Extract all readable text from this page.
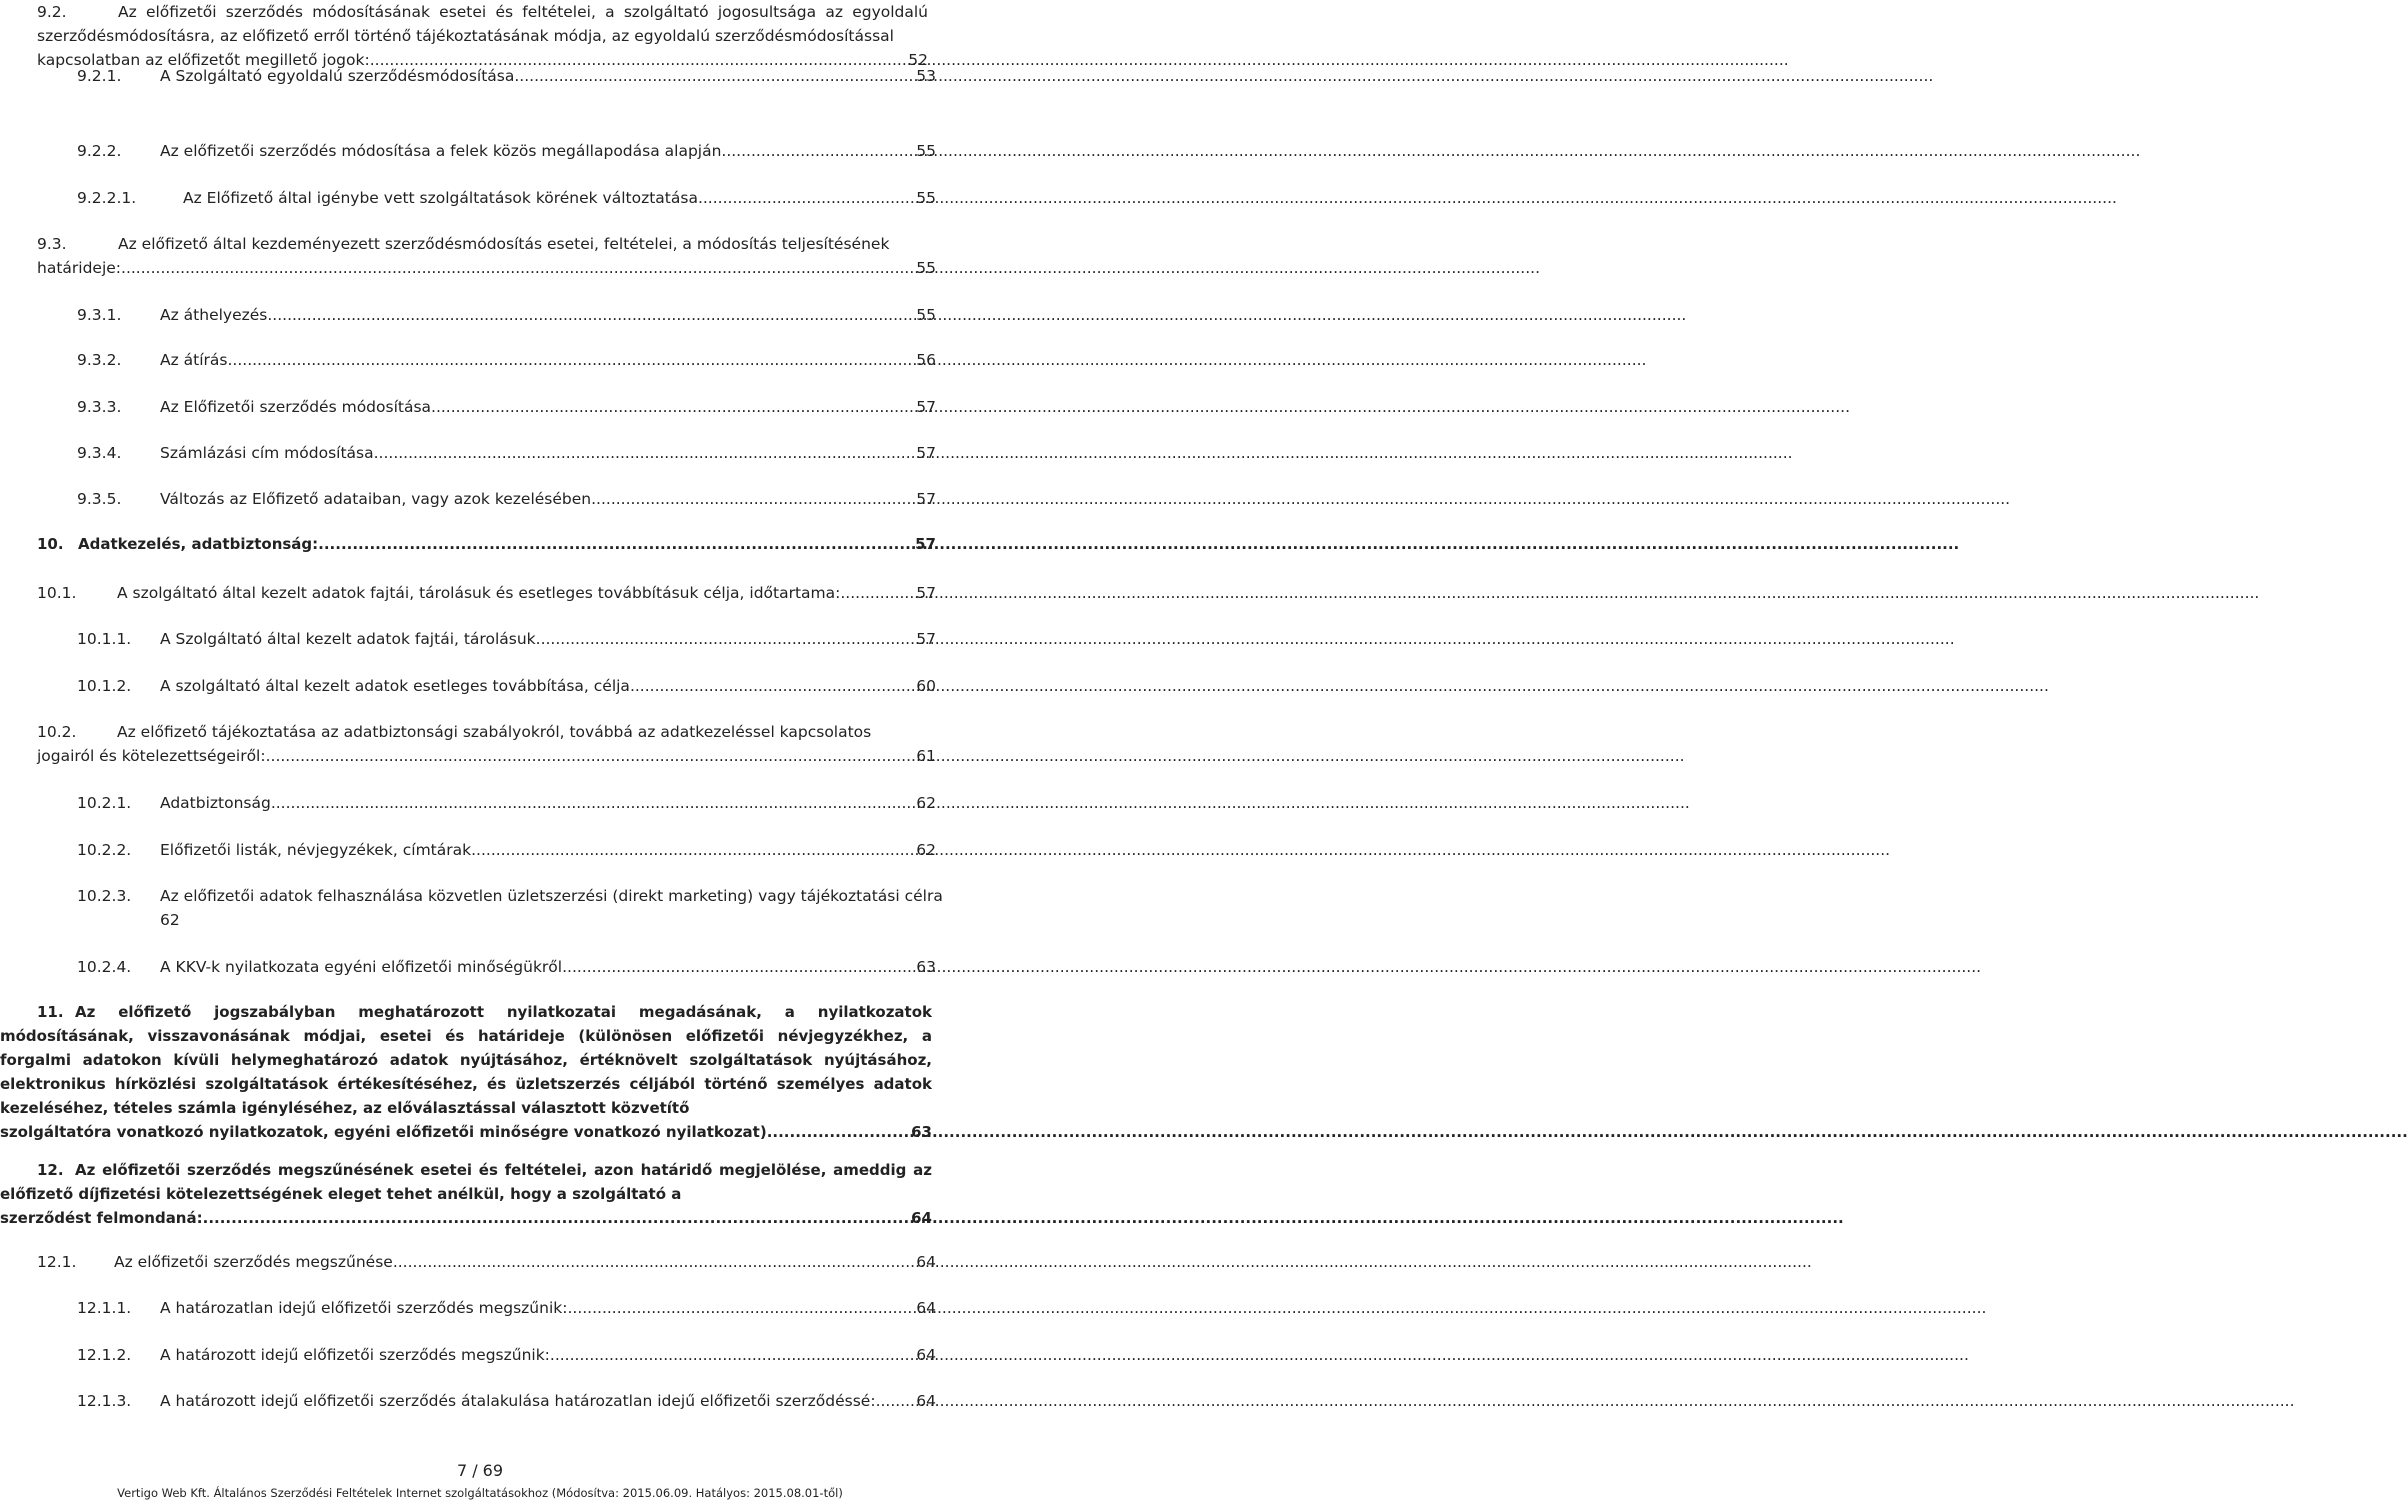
9.2.	Az előfizetői szerződés módosításának esetei és feltételei, a szolgáltató jogosultsága az egyoldalú szerződésmódosításra, az előfizető erről történő tájékoztatásának módja, az egyoldalú szerződésmódosítással
kapcsolatban az előfizetőt megillető jogok: .....	52
9.2.1.	A Szolgáltató egyoldalú szerződésmódosítása .....	53
9.2.2.	Az előfizetői szerződés módosítása a felek közös megállapodása alapján .....	55
9.2.2.1.	Az Előfizető által igénybe vett szolgáltatások körének változtatása .....	55
9.3.	Az előfizető által kezdeményezett szerződésmódosítás esetei, feltételei, a módosítás teljesítésének
határideje: .....	55
9.3.1.	Az áthelyezés .....	55
9.3.2.	Az átírás .....	56
9.3.3.	Az Előfizetői szerződés módosítása .....	57
9.3.4.	Számlázási cím módosítása .....	57
9.3.5.	Változás az Előfizető adataiban, vagy azok kezelésében .....	57
10. Adatkezelés, adatbiztonság: .....	57
10.1.	A szolgáltató által kezelt adatok fajtái, tárolásuk és esetleges továbbításuk célja, időtartama: .....	57
10.1.1.	A Szolgáltató által kezelt adatok fajtái, tárolásuk .....	57
10.1.2.	A szolgáltató által kezelt adatok esetleges továbbítása, célja .....	60
10.2.	Az előfizető tájékoztatása az adatbiztonsági szabályokról, továbbá az adatkezeléssel kapcsolatos
jogairól és kötelezettségeiről: .....	61
10.2.1.	Adatbiztonság .....	62
10.2.2.	Előfizetői listák, névjegyzékek, címtárak .....	62
10.2.3. Az előfizetői adatok felhasználása közvetlen üzletszerzési (direkt marketing) vagy tájékoztatási célra
62
10.2.4.	A KKV-k nyilatkozata egyéni előfizetői minőségükről .....	63
11. Az előfizető jogszabályban meghatározott nyilatkozatai megadásának, a nyilatkozatok módosításának, visszavonásának módjai, esetei és határideje (különösen előfizetői névjegyzékhez, a forgalmi adatokon kívüli helymeghatározó adatok nyújtásához, értéknövelt szolgáltatások nyújtásához, elektronikus hírközlési szolgáltatások értékesítéséhez, és üzletszerzés céljából történő személyes adatok kezeléséhez, tételes számla igényléséhez, az előválasztással választott közvetítő
szolgáltatóra vonatkozó nyilatkozatok, egyéni előfizetői minőségre vonatkozó nyilatkozat) .....	63
12. Az előfizetői szerződés megszűnésének esetei és feltételei, azon határidő megjelölése, ameddig az előfizető díjfizetési kötelezettségének eleget tehet anélkül, hogy a szolgáltató a
szerződést felmondaná: .....	64
12.1.	Az előfizetői szerződés megszűnése .....	64
12.1.1.	A határozatlan idejű előfizetői szerződés megszűnik: .....	64
12.1.2.	A határozott idejű előfizetői szerződés megszűnik: .....	64
12.1.3.	A határozott idejű előfizetői szerződés átalakulása határozatlan idejű előfizetői szerződéssé: .....	64
7 / 69
Vertigo Web Kft. Általános Szerződési Feltételek Internet szolgáltatásokhoz (Módosítva: 2015.06.09. Hatályos: 2015.08.01-től)
